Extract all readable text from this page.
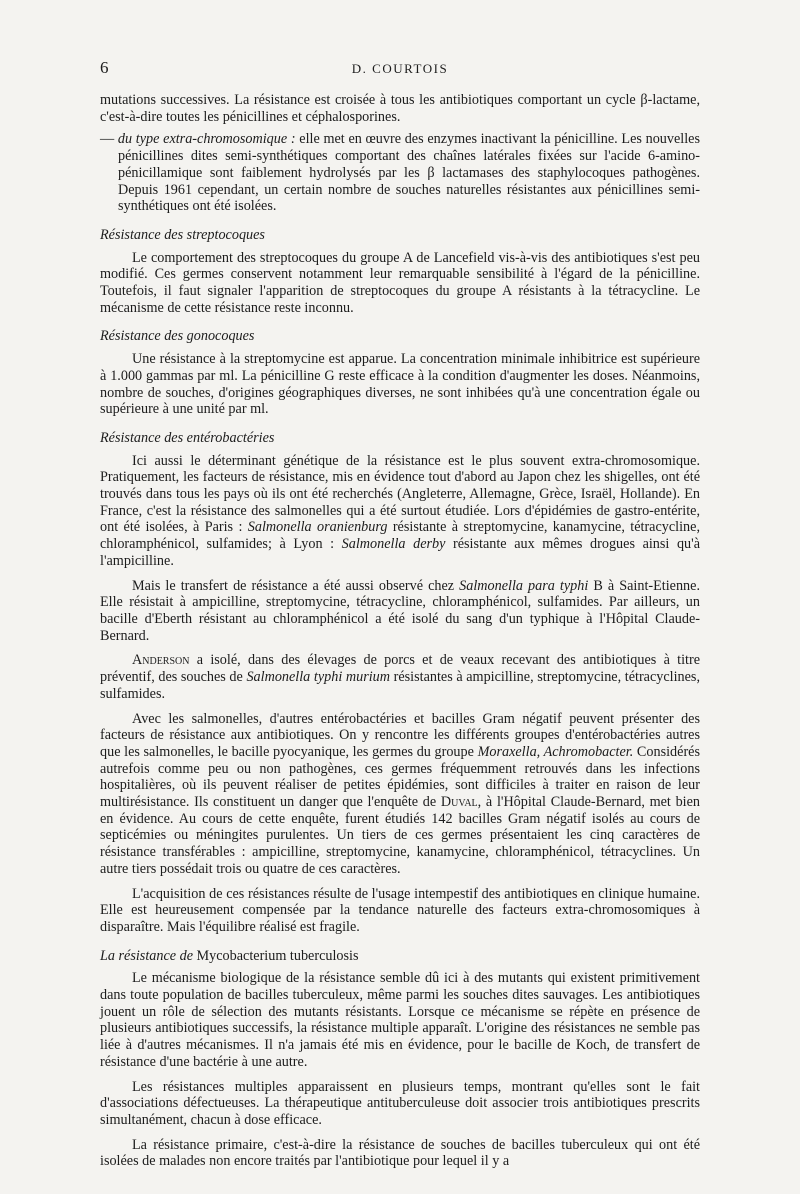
6	D. COURTOIS

mutations successives. La résistance est croisée à tous les antibiotiques comportant un cycle β-lactame, c'est-à-dire toutes les pénicillines et céphalosporines.

— du type extra-chromosomique : elle met en œuvre des enzymes inactivant la pénicilline. Les nouvelles pénicillines dites semi-synthétiques comportant des chaînes latérales fixées sur l'acide 6-amino-pénicillamique sont faiblement hydrolysés par les β lactamases des staphylocoques pathogènes. Depuis 1961 cependant, un certain nombre de souches naturelles résistantes aux pénicillines semi-synthétiques ont été isolées.

Résistance des streptocoques

Le comportement des streptocoques du groupe A de Lancefield vis-à-vis des antibiotiques s'est peu modifié. Ces germes conservent notamment leur remarquable sensibilité à l'égard de la pénicilline. Toutefois, il faut signaler l'apparition de streptocoques du groupe A résistants à la tétracycline. Le mécanisme de cette résistance reste inconnu.

Résistance des gonocoques

Une résistance à la streptomycine est apparue. La concentration minimale inhibitrice est supérieure à 1.000 gammas par ml. La pénicilline G reste efficace à la condition d'augmenter les doses. Néanmoins, nombre de souches, d'origines géographiques diverses, ne sont inhibées qu'à une concentration égale ou supérieure à une unité par ml.

Résistance des entérobactéries

Ici aussi le déterminant génétique de la résistance est le plus souvent extra-chromosomique. Pratiquement, les facteurs de résistance, mis en évidence tout d'abord au Japon chez les shigelles, ont été trouvés dans tous les pays où ils ont été recherchés (Angleterre, Allemagne, Grèce, Israël, Hollande). En France, c'est la résistance des salmonelles qui a été surtout étudiée. Lors d'épidémies de gastro-entérite, ont été isolées, à Paris : Salmonella oranienburg résistante à streptomycine, kanamycine, tétracycline, chloramphénicol, sulfamides; à Lyon : Salmonella derby résistante aux mêmes drogues ainsi qu'à l'ampicilline.

Mais le transfert de résistance a été aussi observé chez Salmonella para typhi B à Saint-Etienne. Elle résistait à ampicilline, streptomycine, tétracycline, chloramphénicol, sulfamides. Par ailleurs, un bacille d'Eberth résistant au chloramphénicol a été isolé du sang d'un typhique à l'Hôpital Claude-Bernard.

Anderson a isolé, dans des élevages de porcs et de veaux recevant des antibiotiques à titre préventif, des souches de Salmonella typhi murium résistantes à ampicilline, streptomycine, tétracyclines, sulfamides.

Avec les salmonelles, d'autres entérobactéries et bacilles Gram négatif peuvent présenter des facteurs de résistance aux antibiotiques. On y rencontre les différents groupes d'entérobactéries autres que les salmonelles, le bacille pyocyanique, les germes du groupe Moraxella, Achromobacter. Considérés autrefois comme peu ou non pathogènes, ces germes fréquemment retrouvés dans les infections hospitalières, où ils peuvent réaliser de petites épidémies, sont difficiles à traiter en raison de leur multirésistance. Ils constituent un danger que l'enquête de Duval, à l'Hôpital Claude-Bernard, met bien en évidence. Au cours de cette enquête, furent étudiés 142 bacilles Gram négatif isolés au cours de septicémies ou méningites purulentes. Un tiers de ces germes présentaient les cinq caractères de résistance transférables : ampicilline, streptomycine, kanamycine, chloramphénicol, tétracyclines. Un autre tiers possédait trois ou quatre de ces caractères.

L'acquisition de ces résistances résulte de l'usage intempestif des antibiotiques en clinique humaine. Elle est heureusement compensée par la tendance naturelle des facteurs extra-chromosomiques à disparaître. Mais l'équilibre réalisé est fragile.

La résistance de Mycobacterium tuberculosis

Le mécanisme biologique de la résistance semble dû ici à des mutants qui existent primitivement dans toute population de bacilles tuberculeux, même parmi les souches dites sauvages. Les antibiotiques jouent un rôle de sélection des mutants résistants. Lorsque ce mécanisme se répète en présence de plusieurs antibiotiques successifs, la résistance multiple apparaît. L'origine des résistances ne semble pas liée à d'autres mécanismes. Il n'a jamais été mis en évidence, pour le bacille de Koch, de transfert de résistance d'une bactérie à une autre.

Les résistances multiples apparaissent en plusieurs temps, montrant qu'elles sont le fait d'associations défectueuses. La thérapeutique antituberculeuse doit associer trois antibiotiques prescrits simultanément, chacun à dose efficace.

La résistance primaire, c'est-à-dire la résistance de souches de bacilles tuberculeux qui ont été isolées de malades non encore traités par l'antibiotique pour lequel il y a
